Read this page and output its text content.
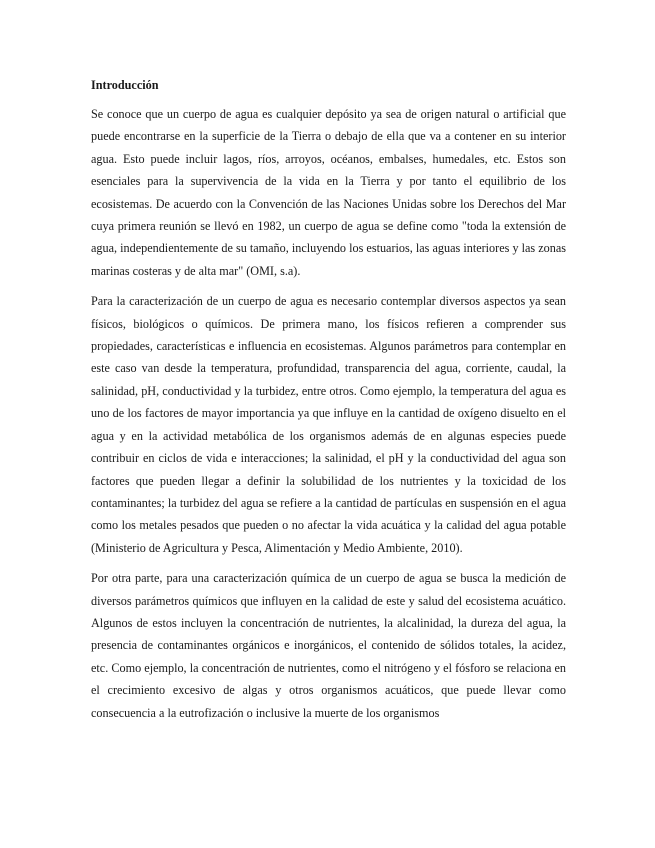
Introducción

Se conoce que un cuerpo de agua es cualquier depósito ya sea de origen natural o artificial que puede encontrarse en la superficie de la Tierra o debajo de ella que va a contener en su interior agua. Esto puede incluir lagos, ríos, arroyos, océanos, embalses, humedales, etc. Estos son esenciales para la supervivencia de la vida en la Tierra y por tanto el equilibrio de los ecosistemas. De acuerdo con la Convención de las Naciones Unidas sobre los Derechos del Mar cuya primera reunión se llevó en 1982, un cuerpo de agua se define como "toda la extensión de agua, independientemente de su tamaño, incluyendo los estuarios, las aguas interiores y las zonas marinas costeras y de alta mar" (OMI, s.a).

Para la caracterización de un cuerpo de agua es necesario contemplar diversos aspectos ya sean físicos, biológicos o químicos. De primera mano, los físicos refieren a comprender sus propiedades, características e influencia en ecosistemas. Algunos parámetros para contemplar en este caso van desde la temperatura, profundidad, transparencia del agua, corriente, caudal, la salinidad, pH, conductividad y la turbidez, entre otros. Como ejemplo, la temperatura del agua es uno de los factores de mayor importancia ya que influye en la cantidad de oxígeno disuelto en el agua y en la actividad metabólica de los organismos además de en algunas especies puede contribuir en ciclos de vida e interacciones; la salinidad, el pH y la conductividad del agua son factores que pueden llegar a definir la solubilidad de los nutrientes y la toxicidad de los contaminantes; la turbidez del agua se refiere a la cantidad de partículas en suspensión en el agua como los metales pesados que pueden o no afectar la vida acuática y la calidad del agua potable (Ministerio de Agricultura y Pesca, Alimentación y Medio Ambiente, 2010).

Por otra parte, para una caracterización química de un cuerpo de agua se busca la medición de diversos parámetros químicos que influyen en la calidad de este y salud del ecosistema acuático. Algunos de estos incluyen la concentración de nutrientes, la alcalinidad, la dureza del agua, la presencia de contaminantes orgánicos e inorgánicos, el contenido de sólidos totales, la acidez, etc. Como ejemplo, la concentración de nutrientes, como el nitrógeno y el fósforo se relaciona en el crecimiento excesivo de algas y otros organismos acuáticos, que puede llevar como consecuencia a la eutrofización o inclusive la muerte de los organismos
